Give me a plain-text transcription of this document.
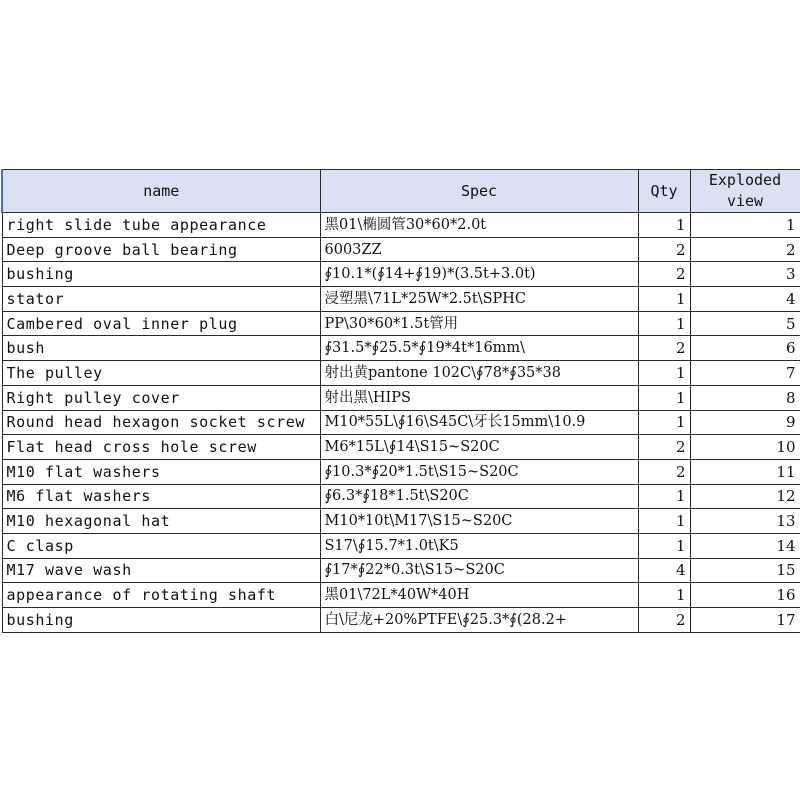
name	Spec	Qty	Exploded view
right slide tube appearance	黑01\椭圆管30*60*2.0t	1	1
Deep groove ball bearing	6003ZZ	2	2
bushing	∮10.1*(∮14+∮19)*(3.5t+3.0t)	2	3
stator	浸塑黑\71L*25W*2.5t\SPHC	1	4
Cambered oval inner plug	PP\30*60*1.5t管用	1	5
bush	∮31.5*∮25.5*∮19*4t*16mm\	2	6
The pulley	射出黄pantone 102C\∮78*∮35*38	1	7
Right pulley cover	射出黑\HIPS	1	8
Round head hexagon socket screw	M10*55L\∮16\S45C\牙长15mm\10.9	1	9
Flat head cross hole screw	M6*15L\∮14\S15~S20C	2	10
M10 flat washers	∮10.3*∮20*1.5t\S15~S20C	2	11
M6 flat washers	∮6.3*∮18*1.5t\S20C	1	12
M10 hexagonal hat	M10*10t\M17\S15~S20C	1	13
C clasp	S17\∮15.7*1.0t\K5	1	14
M17 wave wash	∮17*∮22*0.3t\S15~S20C	4	15
appearance of rotating shaft	黑01\72L*40W*40H	1	16
bushing	白\尼龙+20%PTFE\∮25.3*∮(28.2+	2	17
